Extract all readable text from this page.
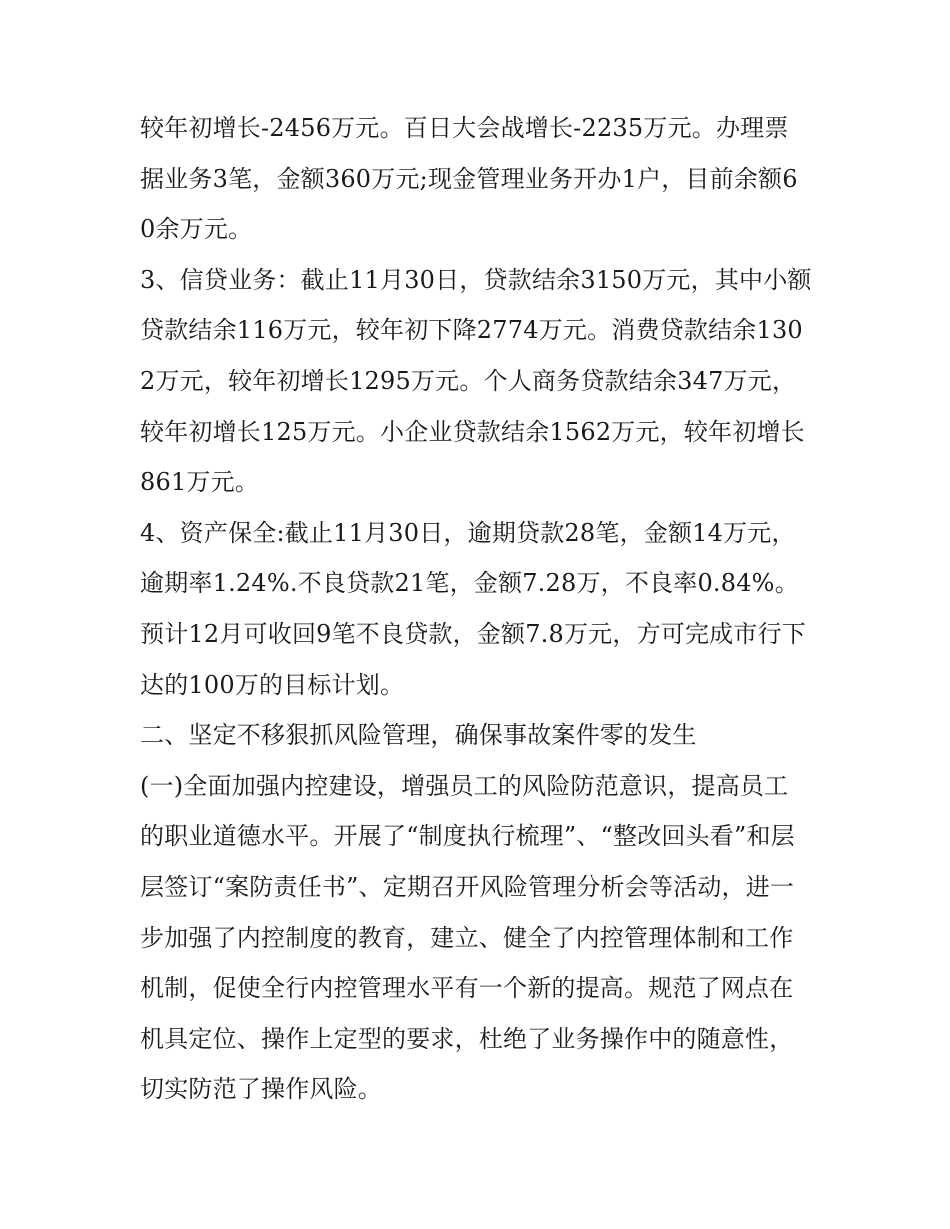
较年初增长-2456万元。百日大会战增长-2235万元。办理票据业务3笔，金额360万元;现金管理业务开办1户，目前余额60余万元。

3、信贷业务：截止11月30日，贷款结余3150万元，其中小额贷款结余116万元，较年初下降2774万元。消费贷款结余1302万元，较年初增长1295万元。个人商务贷款结余347万元，较年初增长125万元。小企业贷款结余1562万元，较年初增长861万元。

4、资产保全:截止11月30日，逾期贷款28笔，金额14万元，逾期率1.24%.不良贷款21笔，金额7.28万，不良率0.84%。预计12月可收回9笔不良贷款，金额7.8万元，方可完成市行下达的100万的目标计划。

二、坚定不移狠抓风险管理，确保事故案件零的发生

(一)全面加强内控建设，增强员工的风险防范意识，提高员工的职业道德水平。开展了“制度执行梳理”、“整改回头看”和层层签订“案防责任书”、定期召开风险管理分析会等活动，进一步加强了内控制度的教育，建立、健全了内控管理体制和工作机制，促使全行内控管理水平有一个新的提高。规范了网点在机具定位、操作上定型的要求，杜绝了业务操作中的随意性，切实防范了操作风险。
